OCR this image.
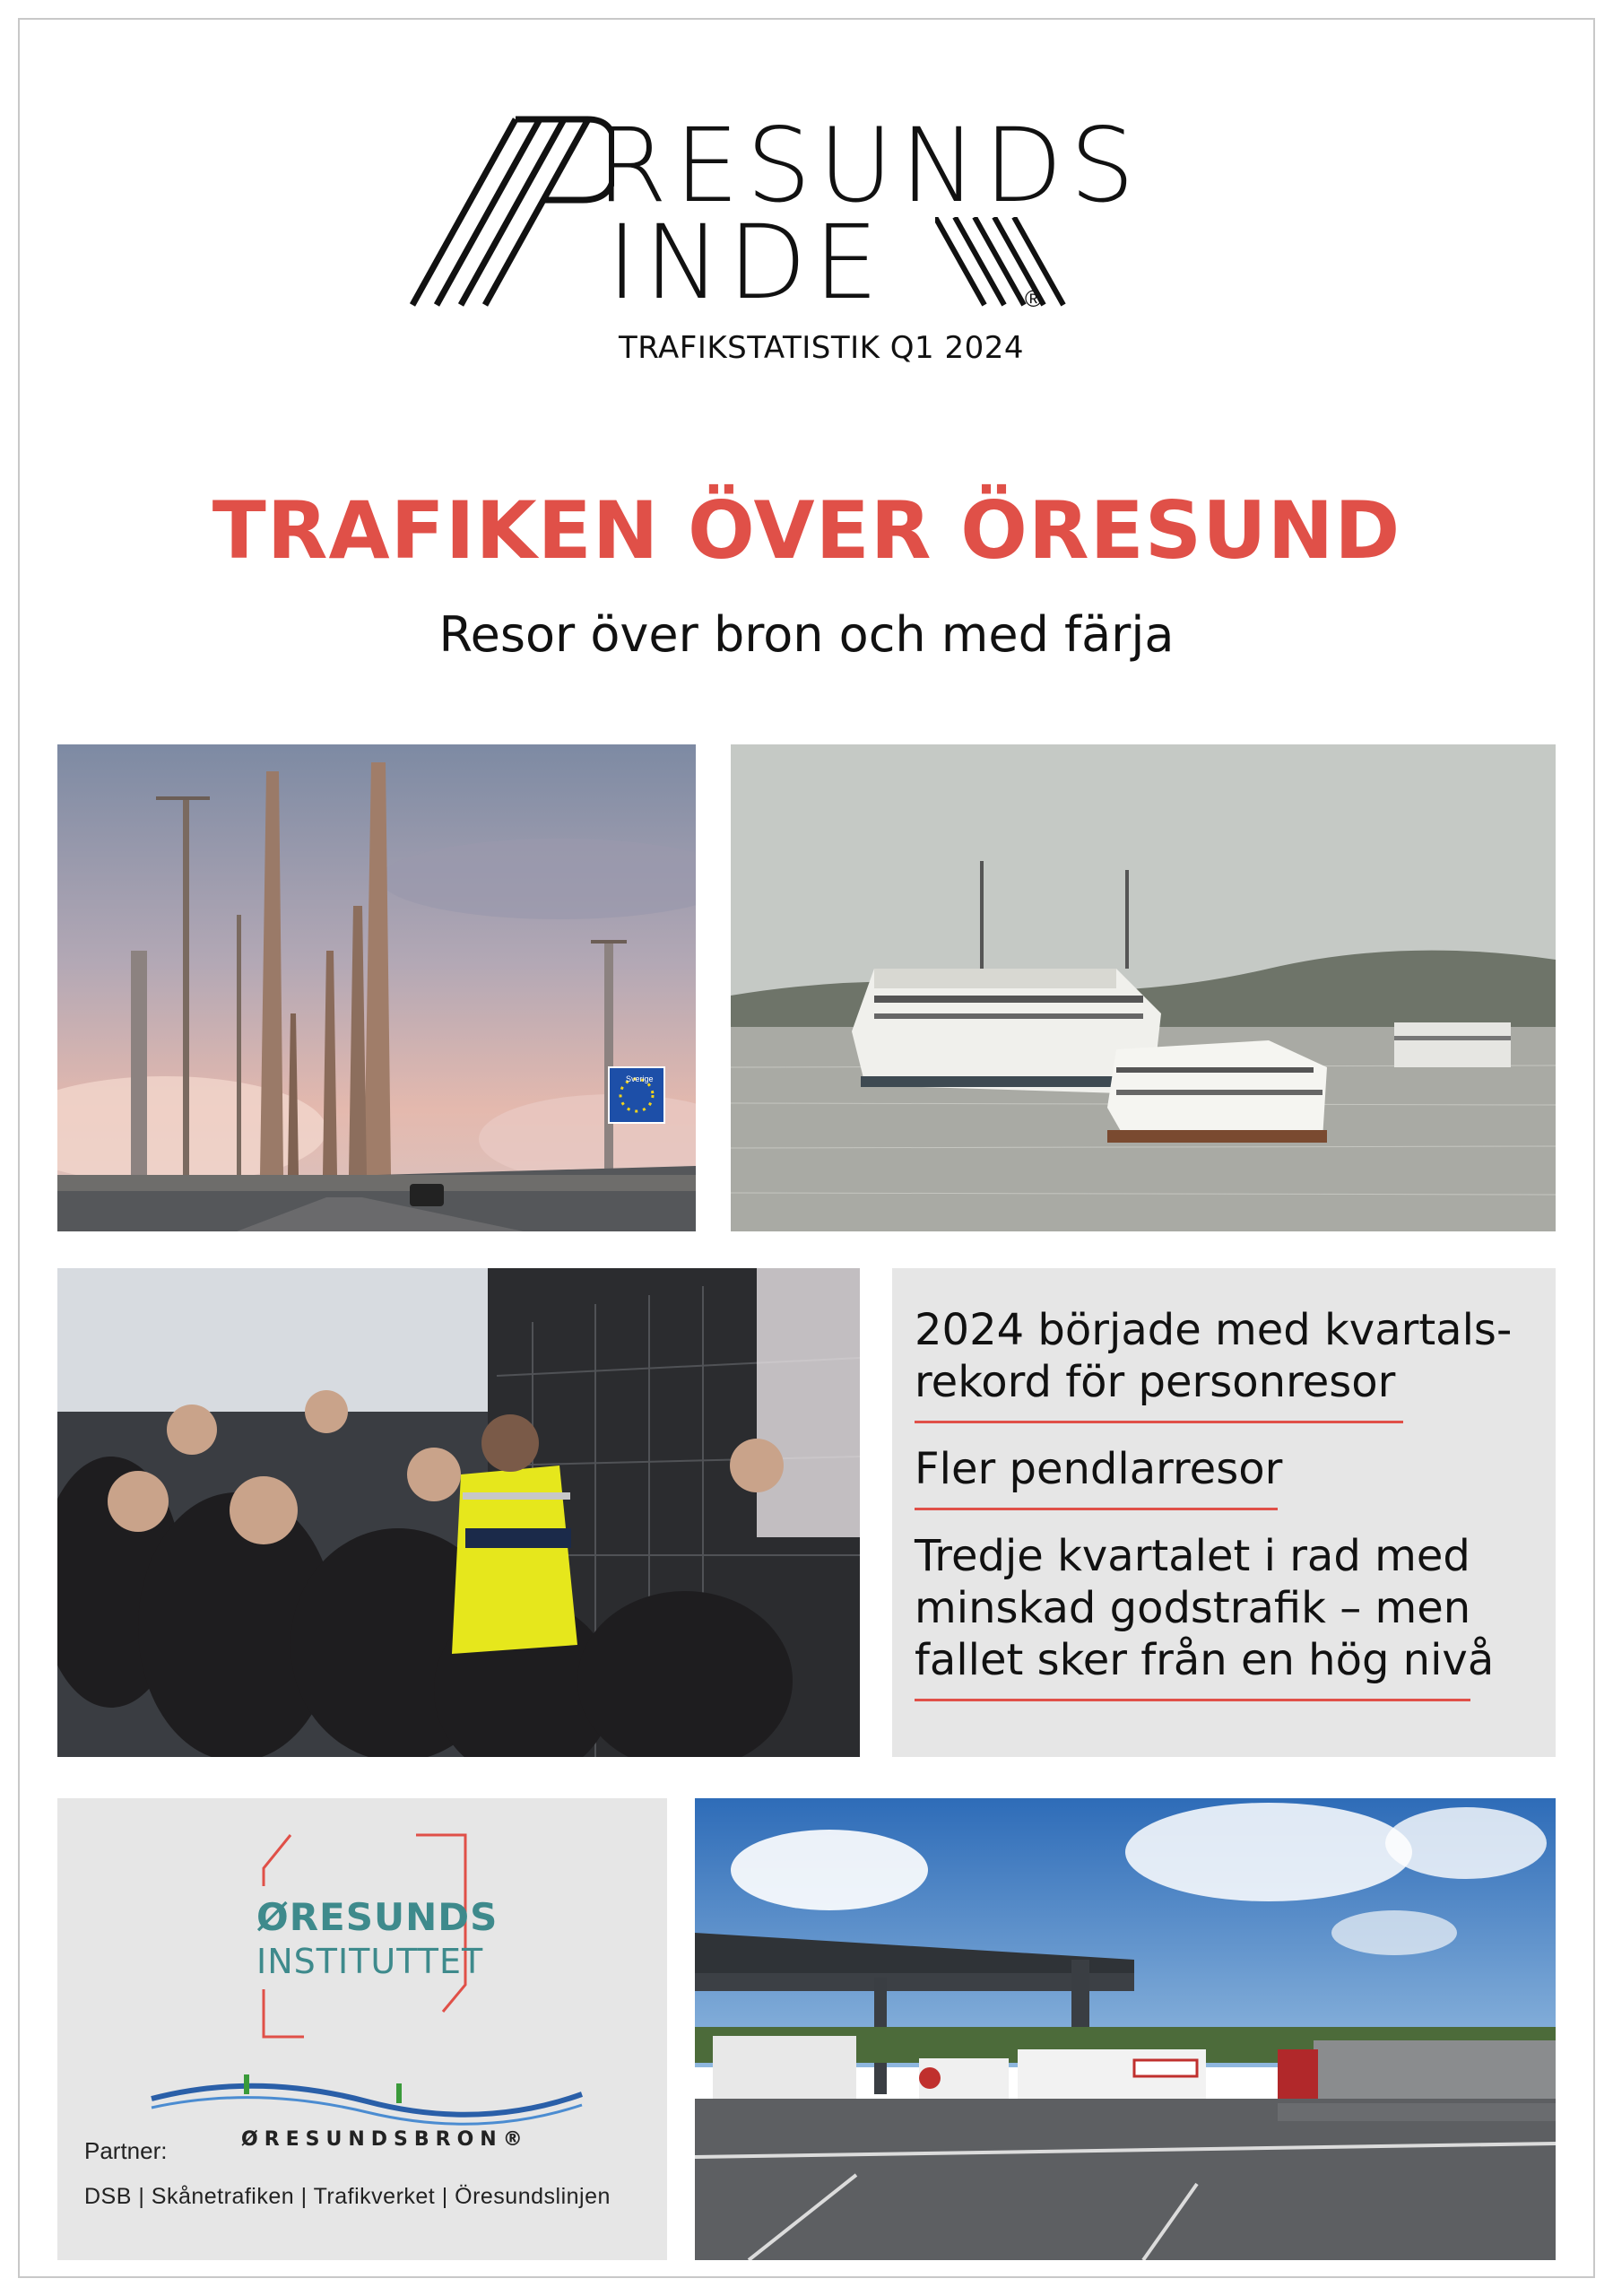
RESUNDS
INDE	®
TRAFIKSTATISTIK Q1 2024
TRAFIKEN ÖVER ÖRESUND
Resor över bron och med färja
Sverige
2024 började med kvartals-
rekord för personresor
Fler pendlarresor
Tredje kvartalet i rad med
minskad godstrafik – men
fallet sker från en hög nivå
ØRESUNDS
INSTITUTTET
ØRESUNDSBRON®
Partner:
DSB | Skånetrafiken | Trafikverket | Öresundslinjen
